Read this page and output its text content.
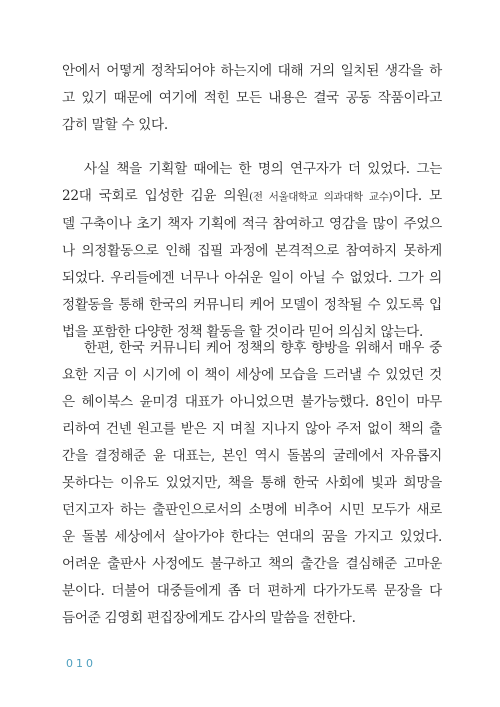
안에서 어떻게 정착되어야 하는지에 대해 거의 일치된 생각을 하
고 있기 때문에 여기에 적힌 모든 내용은 결국 공동 작품이라고
감히 말할 수 있다.
사실 책을 기획할 때에는 한 명의 연구자가 더 있었다. 그는
22대 국회로 입성한 김윤 의원(전 서울대학교 의과대학 교수)이다. 모
델 구축이나 초기 책자 기획에 적극 참여하고 영감을 많이 주었으
나 의정활동으로 인해 집필 과정에 본격적으로 참여하지 못하게
되었다. 우리들에겐 너무나 아쉬운 일이 아닐 수 없었다. 그가 의
정활동을 통해 한국의 커뮤니티 케어 모델이 정착될 수 있도록 입
법을 포함한 다양한 정책 활동을 할 것이라 믿어 의심치 않는다.
한편, 한국 커뮤니티 케어 정책의 향후 향방을 위해서 매우 중
요한 지금 이 시기에 이 책이 세상에 모습을 드러낼 수 있었던 것
은 헤이북스 윤미경 대표가 아니었으면 불가능했다. 8인이 마무
리하여 건넨 원고를 받은 지 며칠 지나지 않아 주저 없이 책의 출
간을 결정해준 윤 대표는, 본인 역시 돌봄의 굴레에서 자유롭지
못하다는 이유도 있었지만, 책을 통해 한국 사회에 빛과 희망을
던지고자 하는 출판인으로서의 소명에 비추어 시민 모두가 새로
운 돌봄 세상에서 살아가야 한다는 연대의 꿈을 가지고 있었다.
어려운 출판사 사정에도 불구하고 책의 출간을 결심해준 고마운
분이다. 더불어 대중들에게 좀 더 편하게 다가가도록 문장을 다
듬어준 김영회 편집장에게도 감사의 말씀을 전한다.
010
